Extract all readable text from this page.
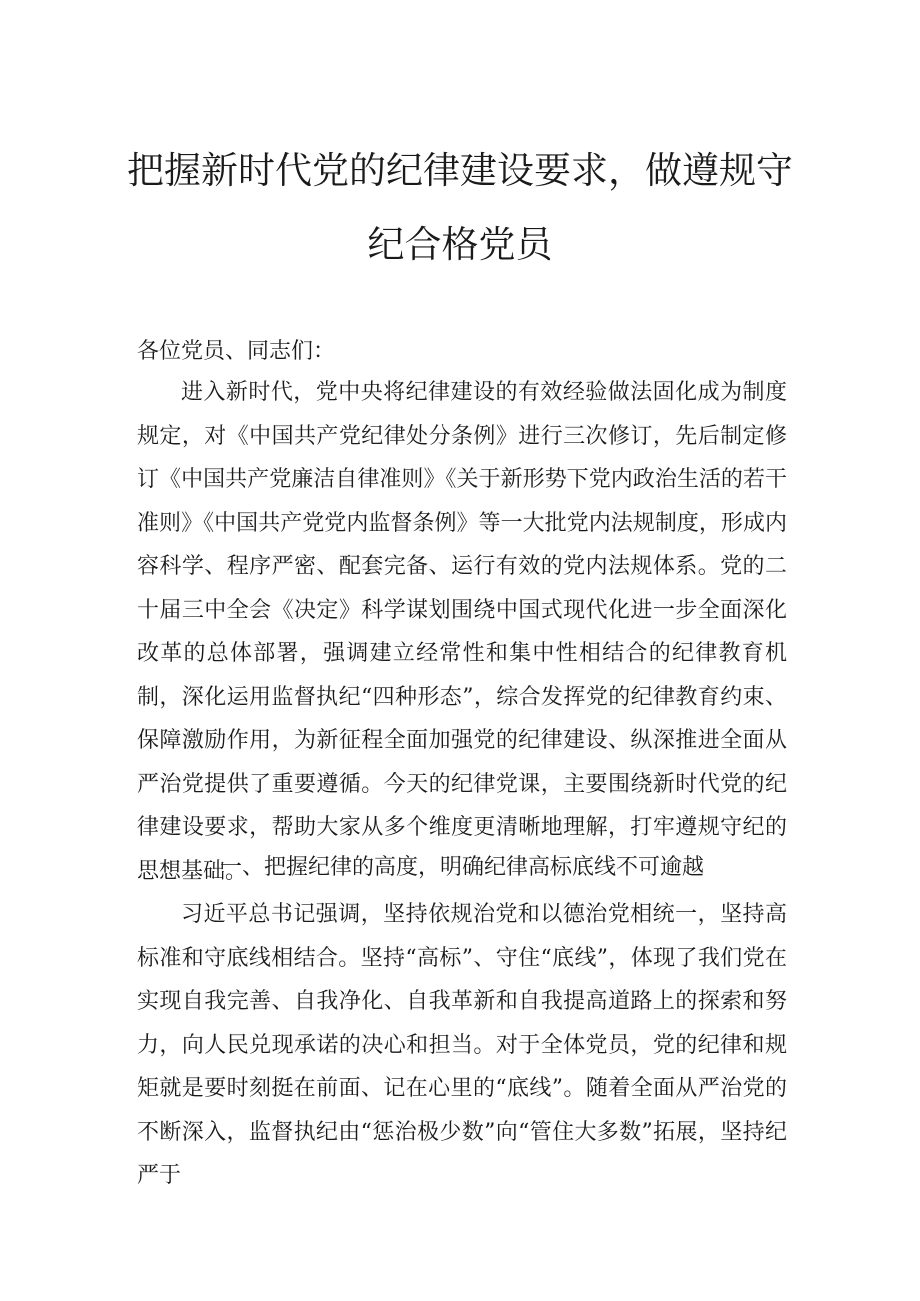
把握新时代党的纪律建设要求，做遵规守
纪合格党员
各位党员、同志们：

进入新时代，党中央将纪律建设的有效经验做法固化成为制度规定，对《中国共产党纪律处分条例》进行三次修订，先后制定修订《中国共产党廉洁自律准则》《关于新形势下党内政治生活的若干准则》《中国共产党党内监督条例》等一大批党内法规制度，形成内容科学、程序严密、配套完备、运行有效的党内法规体系。党的二十届三中全会《决定》科学谋划围绕中国式现代化进一步全面深化改革的总体部署，强调建立经常性和集中性相结合的纪律教育机制，深化运用监督执纪“四种形态”，综合发挥党的纪律教育约束、保障激励作用，为新征程全面加强党的纪律建设、纵深推进全面从严治党提供了重要遵循。今天的纪律党课，主要围绕新时代党的纪律建设要求，帮助大家从多个维度更清晰地理解，打牢遵规守纪的思想基础。

一、把握纪律的高度，明确纪律高标底线不可逾越

习近平总书记强调，坚持依规治党和以德治党相统一，坚持高标准和守底线相结合。坚持“高标”、守住“底线”，体现了我们党在实现自我完善、自我净化、自我革新和自我提高道路上的探索和努力，向人民兑现承诺的决心和担当。对于全体党员，党的纪律和规矩就是要时刻挺在前面、记在心里的“底线”。随着全面从严治党的不断深入，监督执纪由“惩治极少数”向“管住大多数”拓展，坚持纪严于
